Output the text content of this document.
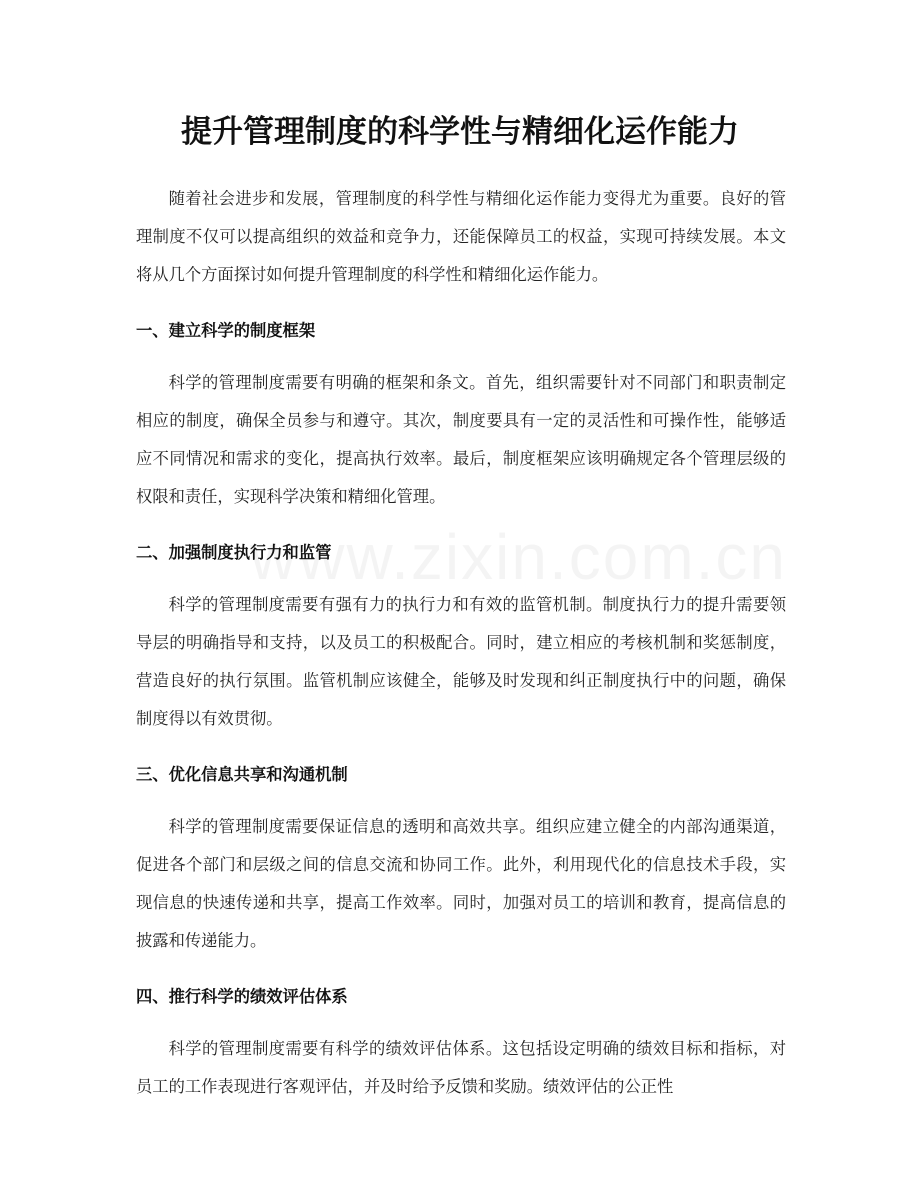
提升管理制度的科学性与精细化运作能力

随着社会进步和发展，管理制度的科学性与精细化运作能力变得尤为重要。良好的管理制度不仅可以提高组织的效益和竞争力，还能保障员工的权益，实现可持续发展。本文将从几个方面探讨如何提升管理制度的科学性和精细化运作能力。

一、建立科学的制度框架

科学的管理制度需要有明确的框架和条文。首先，组织需要针对不同部门和职责制定相应的制度，确保全员参与和遵守。其次，制度要具有一定的灵活性和可操作性，能够适应不同情况和需求的变化，提高执行效率。最后，制度框架应该明确规定各个管理层级的权限和责任，实现科学决策和精细化管理。

二、加强制度执行力和监管

科学的管理制度需要有强有力的执行力和有效的监管机制。制度执行力的提升需要领导层的明确指导和支持，以及员工的积极配合。同时，建立相应的考核机制和奖惩制度，营造良好的执行氛围。监管机制应该健全，能够及时发现和纠正制度执行中的问题，确保制度得以有效贯彻。

三、优化信息共享和沟通机制

科学的管理制度需要保证信息的透明和高效共享。组织应建立健全的内部沟通渠道，促进各个部门和层级之间的信息交流和协同工作。此外，利用现代化的信息技术手段，实现信息的快速传递和共享，提高工作效率。同时，加强对员工的培训和教育，提高信息的披露和传递能力。

四、推行科学的绩效评估体系

科学的管理制度需要有科学的绩效评估体系。这包括设定明确的绩效目标和指标，对员工的工作表现进行客观评估，并及时给予反馈和奖励。绩效评估的公正性
